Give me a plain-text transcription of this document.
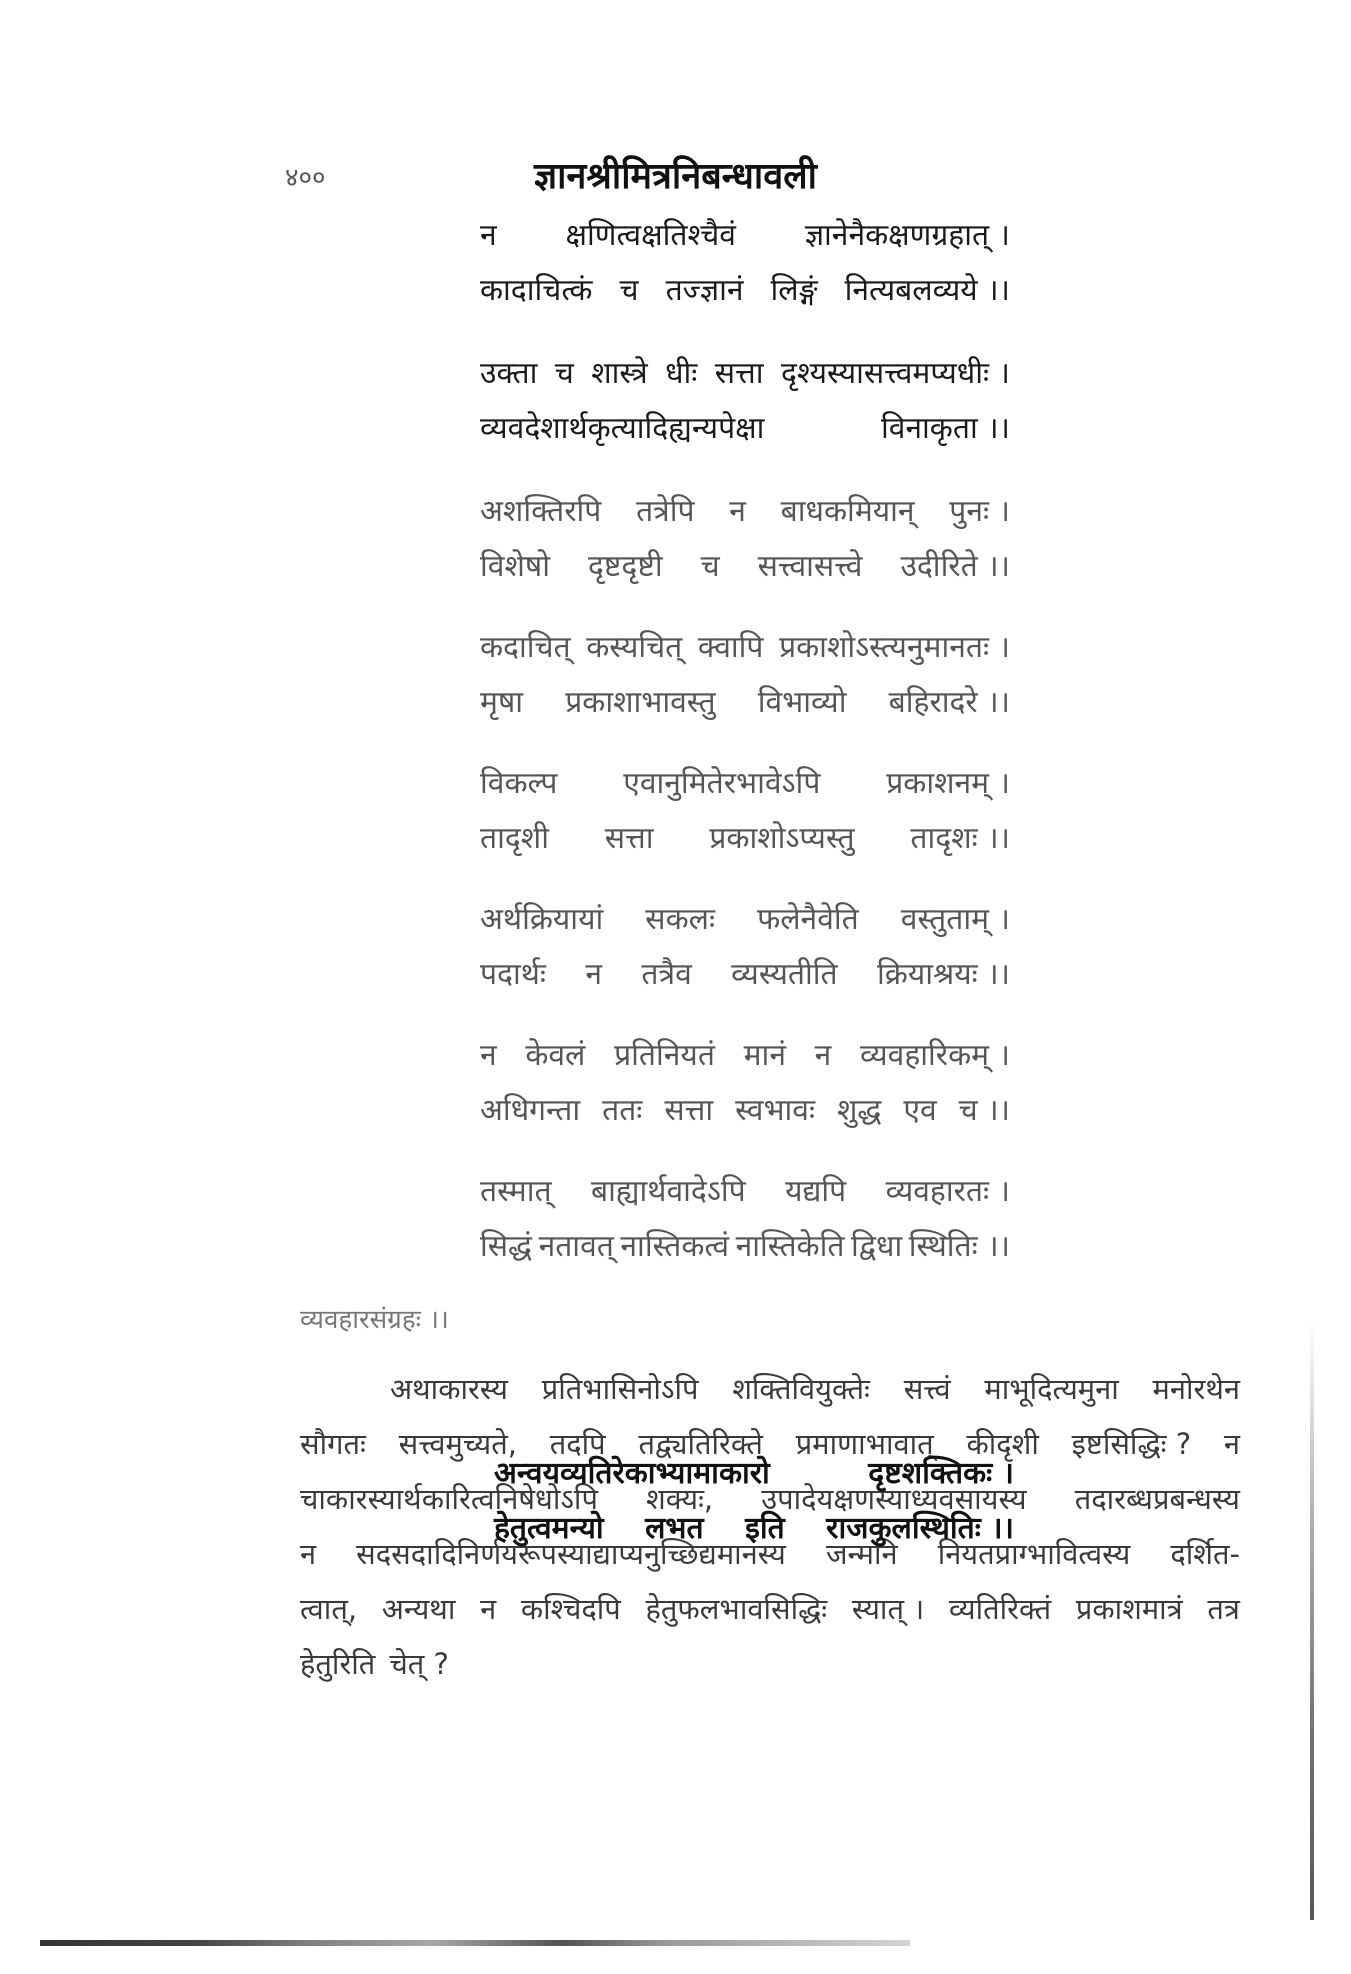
४००	ज्ञानश्रीमित्रनिबन्धावली
न क्षणित्वक्षतिश्चैवं ज्ञानेनैकक्षणग्रहात् ।
कादाचित्कं च तज्ज्ञानं लिङ्गं नित्यबलव्यये ।।
उक्ता च शास्त्रे धीः सत्ता दृश्यस्यासत्त्वमप्यधीः ।
व्यवदेशार्थकृत्यादिह्यन्यपेक्षा	विनाकृता ।।
अशक्तिरपि तत्रेपि न बाधकमियान् पुनः ।
विशेषो दृष्टदृष्टी च सत्त्वासत्त्वे उदीरिते ।।
कदाचित् कस्यचित् क्वापि प्रकाशोऽस्त्यनुमानतः ।
मृषा प्रकाशाभावस्तु विभाव्यो बहिरादरे ।।
विकल्प एवानुमितेरभावेऽपि प्रकाशनम् ।
तादृशी सत्ता प्रकाशोऽप्यस्तु तादृशः ।।
अर्थक्रियायां सकलः फलेनैवेति वस्तुताम् ।
पदार्थः न तत्रैव व्यस्यतीति क्रियाश्रयः ।।
न केवलं प्रतिनियतं मानं न व्यवहारिकम् ।
अधिगन्ता ततः सत्ता स्वभावः शुद्ध एव च ।।
तस्मात् बाह्यार्थवादेऽपि यद्यपि व्यवहारतः ।
सिद्धं नतावत् नास्तिकत्वं नास्तिकेति द्विधा स्थितिः ।।
व्यवहारसंग्रहः ।।
अथाकारस्य प्रतिभासिनोऽपि शक्तिवियुक्तेः सत्त्वं माभूदित्यमुना मनोरथेन
सौगतः सत्त्वमुच्यते, तदपि तद्व्यतिरिक्ते प्रमाणाभावात् कीदृशी इष्टसिद्धिः ? न
चाकारस्यार्थकारित्वनिषेधोऽपि शक्यः, उपादेयक्षणस्याध्यवसायस्य तदारब्धप्रबन्धस्य
न सदसदादिनिर्णयरूपस्याद्याप्यनुच्छिद्यमानस्य जन्मनि नियतप्राग्भावित्वस्य दर्शित-
त्वात्, अन्यथा न कश्चिदपि हेतुफलभावसिद्धिः स्यात् । व्यतिरिक्तं प्रकाशमात्रं तत्र
हेतुरिति चेत् ?
अन्वयव्यतिरेकाभ्यामाकारो	दृष्टशक्तिकः ।
हेतुत्वमन्यो लभत इति राजकुलस्थितिः ।।
